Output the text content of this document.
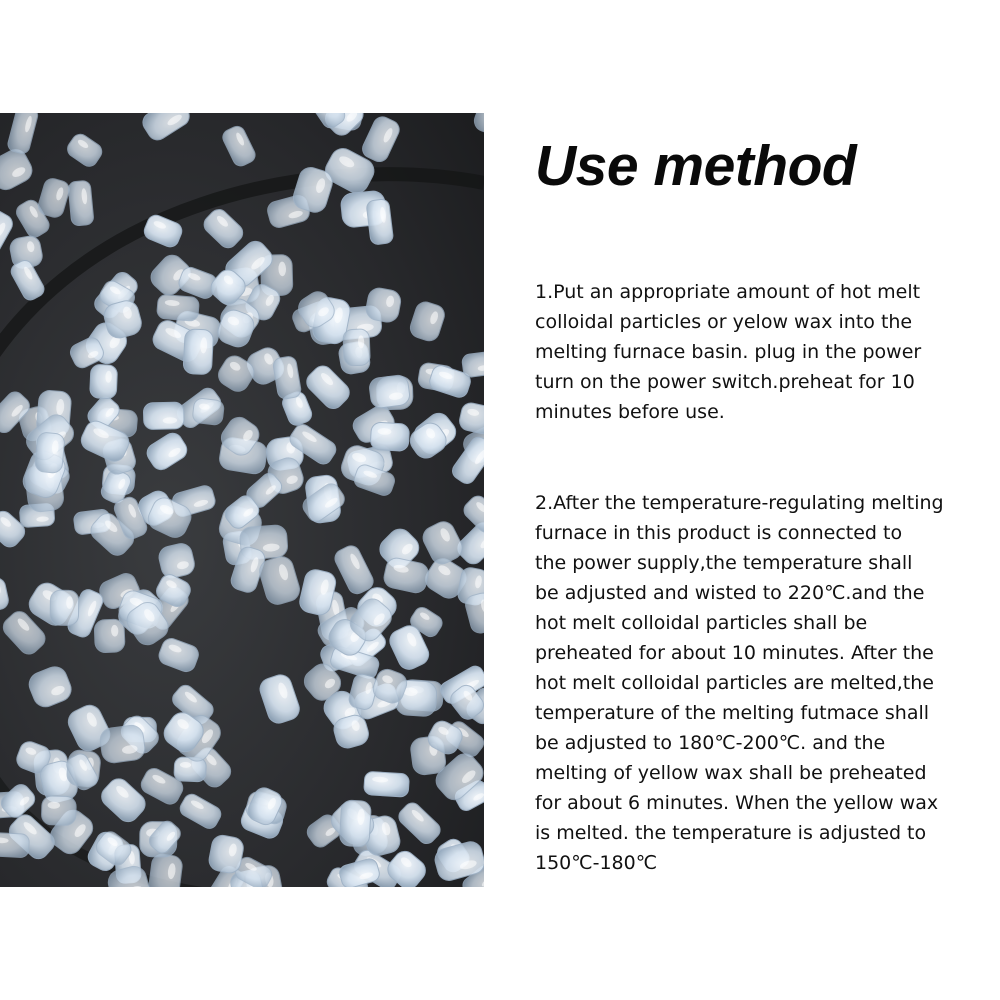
Use method
1.Put an appropriate amount of hot melt
colloidal particles or yelow wax into the
melting furnace basin. plug in the power
turn on the power switch.preheat for 10
minutes before use.
2.After the temperature-regulating melting
furnace in this product is connected to
the power supply,the temperature shall
be adjusted and wisted to 220℃.and the
hot melt colloidal particles shall be
preheated for about 10 minutes. After the
hot melt colloidal particles are melted,the
temperature of the melting futmace shall
be adjusted to 180℃-200℃. and the
melting of yellow wax shall be preheated
for about 6 minutes. When the yellow wax
is melted. the temperature is adjusted to
150℃-180℃
